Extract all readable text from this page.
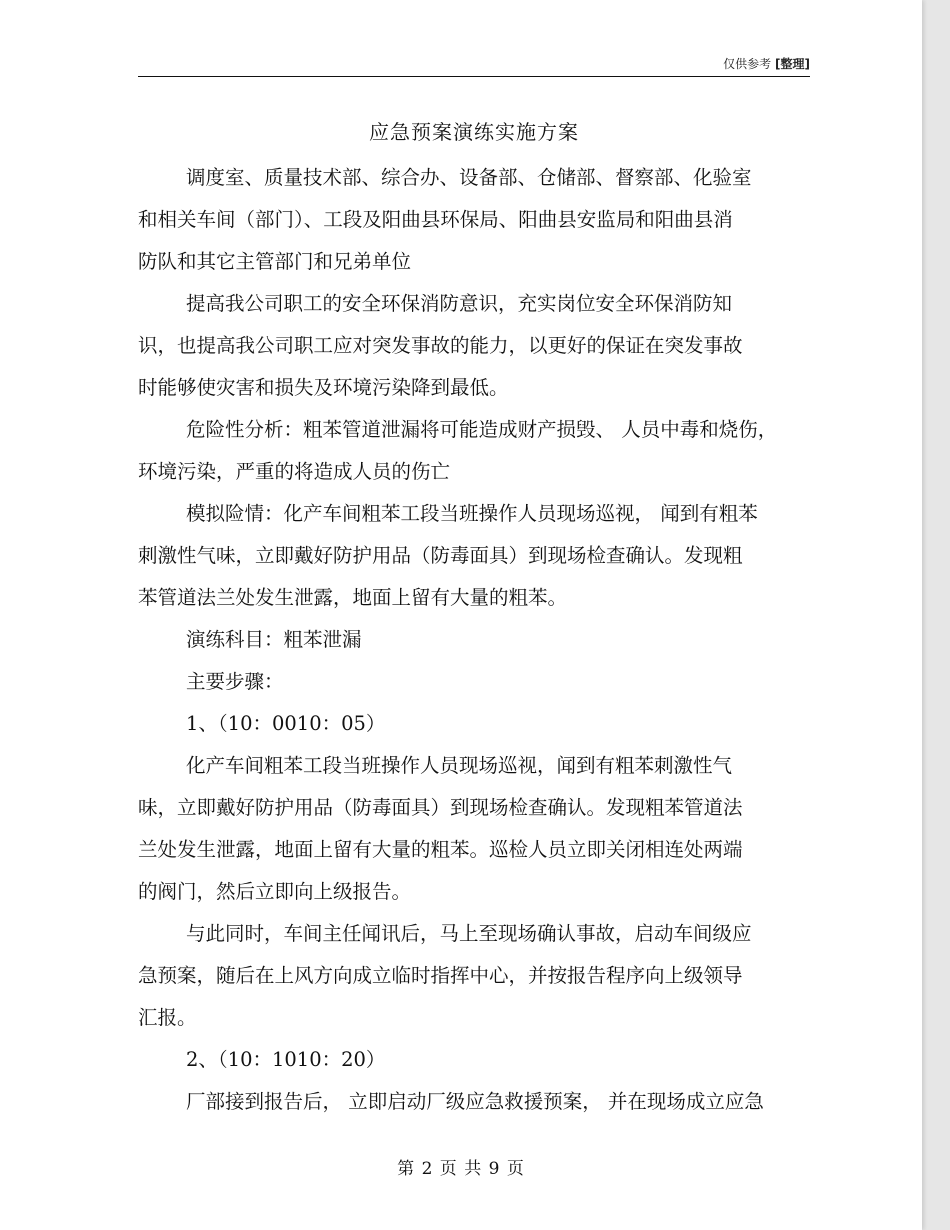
仅供参考 [整理]
应急预案演练实施方案

调度室、质量技术部、综合办、设备部、仓储部、督察部、化验室
和相关车间（部门）、工段及阳曲县环保局、阳曲县安监局和阳曲县消
防队和其它主管部门和兄弟单位

提高我公司职工的安全环保消防意识，充实岗位安全环保消防知
识，也提高我公司职工应对突发事故的能力，以更好的保证在突发事故
时能够使灾害和损失及环境污染降到最低。

危险性分析：粗苯管道泄漏将可能造成财产损毁、 人员中毒和烧伤，
环境污染，严重的将造成人员的伤亡

模拟险情：化产车间粗苯工段当班操作人员现场巡视， 闻到有粗苯
刺激性气味，立即戴好防护用品（防毒面具）到现场检查确认。发现粗
苯管道法兰处发生泄露，地面上留有大量的粗苯。

演练科目：粗苯泄漏

主要步骤：

1、（10：0010：05）

化产车间粗苯工段当班操作人员现场巡视，闻到有粗苯刺激性气
味，立即戴好防护用品（防毒面具）到现场检查确认。发现粗苯管道法
兰处发生泄露，地面上留有大量的粗苯。巡检人员立即关闭相连处两端
的阀门，然后立即向上级报告。

与此同时，车间主任闻讯后，马上至现场确认事故，启动车间级应
急预案，随后在上风方向成立临时指挥中心，并按报告程序向上级领导
汇报。

2、（10：1010：20）

厂部接到报告后， 立即启动厂级应急救援预案， 并在现场成立应急

第 2 页 共 9 页
